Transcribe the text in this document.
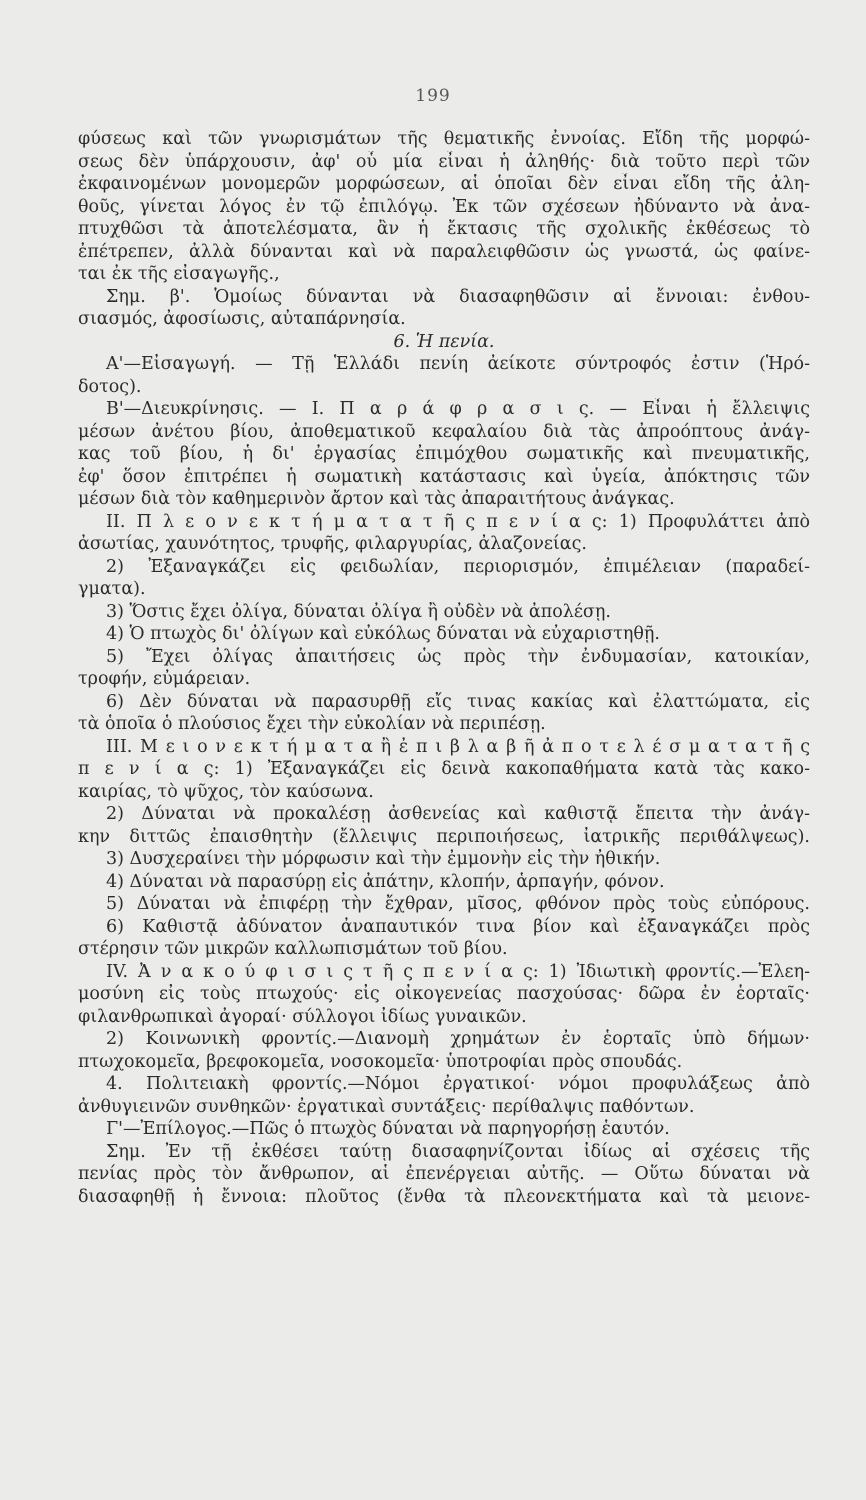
199
φύσεως καὶ τῶν γνωρισμάτων τῆς θεματικῆς ἐννοίας. Εἴδη τῆς μορφώ-
σεως δὲν ὑπάρχουσιν, ἀφ' οὗ μία εἶναι ἡ ἀληθής· διὰ τοῦτο περὶ τῶν
ἐκφαινομένων μονομερῶν μορφώσεων, αἱ ὁποῖαι δὲν εἶναι εἴδη τῆς ἀλη-
θοῦς, γίνεται λόγος ἐν τῷ ἐπιλόγῳ. Ἐκ τῶν σχέσεων ἠδύναντο νὰ ἀνα-
πτυχθῶσι τὰ ἀποτελέσματα, ἂν ἡ ἔκτασις τῆς σχολικῆς ἐκθέσεως τὸ
ἐπέτρεπεν, ἀλλὰ δύνανται καὶ νὰ παραλειφθῶσιν ὡς γνωστά, ὡς φαίνε-
ται ἐκ τῆς εἰσαγωγῆς.,
Σημ. β'. Ὁμοίως δύνανται νὰ διασαφηθῶσιν αἱ ἔννοιαι: ἐνθου-
σιασμός, ἀφοσίωσις, αὐταπάρνησία.
6. Ἡ πενία.
Α'—Εἰσαγωγή. — Τῇ Ἑλλάδι πενίη ἀείκοτε σύντροφός ἐστιν (Ἡρό-
δοτος).
Β'—Διευκρίνησις. — Ι. Π α ρ ά φ ρ α σ ι ς. — Εἶναι ἡ ἔλλειψις
μέσων ἀνέτου βίου, ἀποθεματικοῦ κεφαλαίου διὰ τὰς ἀπροόπτους ἀνάγ-
κας τοῦ βίου, ἡ δι' ἐργασίας ἐπιμόχθου σωματικῆς καὶ πνευματικῆς,
ἐφ' ὅσον ἐπιτρέπει ἡ σωματικὴ κατάστασις καὶ ὑγεία, ἀπόκτησις τῶν
μέσων διὰ τὸν καθημερινὸν ἄρτον καὶ τὰς ἀπαραιτήτους ἀνάγκας.
ΙΙ. Π λ ε ο ν ε κ τ ή μ α τ α τ ῆ ς π ε ν ί α ς: 1) Προφυλάττει ἀπὸ
ἀσωτίας, χαυνότητος, τρυφῆς, φιλαργυρίας, ἀλαζονείας.
2) Ἐξαναγκάζει εἰς φειδωλίαν, περιορισμόν, ἐπιμέλειαν (παραδεί-
γματα).
3) Ὅστις ἔχει ὀλίγα, δύναται ὀλίγα ἢ οὐδὲν νὰ ἀπολέσῃ.
4) Ὁ πτωχὸς δι' ὀλίγων καὶ εὐκόλως δύναται νὰ εὐχαριστηθῇ.
5) Ἔχει ὀλίγας ἀπαιτήσεις ὡς πρὸς τὴν ἐνδυμασίαν, κατοικίαν,
τροφήν, εὐμάρειαν.
6) Δὲν δύναται νὰ παρασυρθῇ εἴς τινας κακίας καὶ ἐλαττώματα, εἰς
τὰ ὁποῖα ὁ πλούσιος ἔχει τὴν εὐκολίαν νὰ περιπέσῃ.
ΙΙΙ. Μ ε ι ο ν ε κ τ ή μ α τ α ἢ ἐ π ι β λ α β ῆ ἀ π ο τ ε λ έ σ μ α τ α τ ῆ ς
π ε ν ί α ς: 1) Ἐξαναγκάζει εἰς δεινὰ κακοπαθήματα κατὰ τὰς κακο-
καιρίας, τὸ ψῦχος, τὸν καύσωνα.
2) Δύναται νὰ προκαλέσῃ ἀσθενείας καὶ καθιστᾷ ἔπειτα τὴν ἀνάγ-
κην διττῶς ἐπαισθητὴν (ἔλλειψις περιποιήσεως, ἰατρικῆς περιθάλψεως).
3) Δυσχεραίνει τὴν μόρφωσιν καὶ τὴν ἐμμονὴν εἰς τὴν ἠθικήν.
4) Δύναται νὰ παρασύρῃ εἰς ἀπάτην, κλοπήν, ἁρπαγήν, φόνον.
5) Δύναται νὰ ἐπιφέρῃ τὴν ἔχθραν, μῖσος, φθόνον πρὸς τοὺς εὐπόρους.
6) Καθιστᾷ ἀδύνατον ἀναπαυτικόν τινα βίον καὶ ἐξαναγκάζει πρὸς
στέρησιν τῶν μικρῶν καλλωπισμάτων τοῦ βίου.
IV. Ἀ ν α κ ο ύ φ ι σ ι ς τ ῆ ς π ε ν ί α ς: 1) Ἰδιωτικὴ φροντίς.—Ἐλεη-
μοσύνη εἰς τοὺς πτωχούς· εἰς οἰκογενείας πασχούσας· δῶρα ἐν ἑορταῖς·
φιλανθρωπικαὶ ἀγοραί· σύλλογοι ἰδίως γυναικῶν.
2) Κοινωνικὴ φροντίς.—Διανομὴ χρημάτων ἐν ἑορταῖς ὑπὸ δήμων·
πτωχοκομεῖα, βρεφοκομεῖα, νοσοκομεῖα· ὑποτροφίαι πρὸς σπουδάς.
4. Πολιτειακὴ φροντίς.—Νόμοι ἐργατικοί· νόμοι προφυλάξεως ἀπὸ
ἀνθυγιεινῶν συνθηκῶν· ἐργατικαὶ συντάξεις· περίθαλψις παθόντων.
Γ'—Ἐπίλογος.—Πῶς ὁ πτωχὸς δύναται νὰ παρηγορήσῃ ἑαυτόν.
Σημ. Ἐν τῇ ἐκθέσει ταύτῃ διασαφηνίζονται ἰδίως αἱ σχέσεις τῆς
πενίας πρὸς τὸν ἄνθρωπον, αἱ ἐπενέργειαι αὐτῆς. — Οὕτω δύναται νὰ
διασαφηθῇ ἡ ἔννοια: πλοῦτος (ἔνθα τὰ πλεονεκτήματα καὶ τὰ μειονε-
